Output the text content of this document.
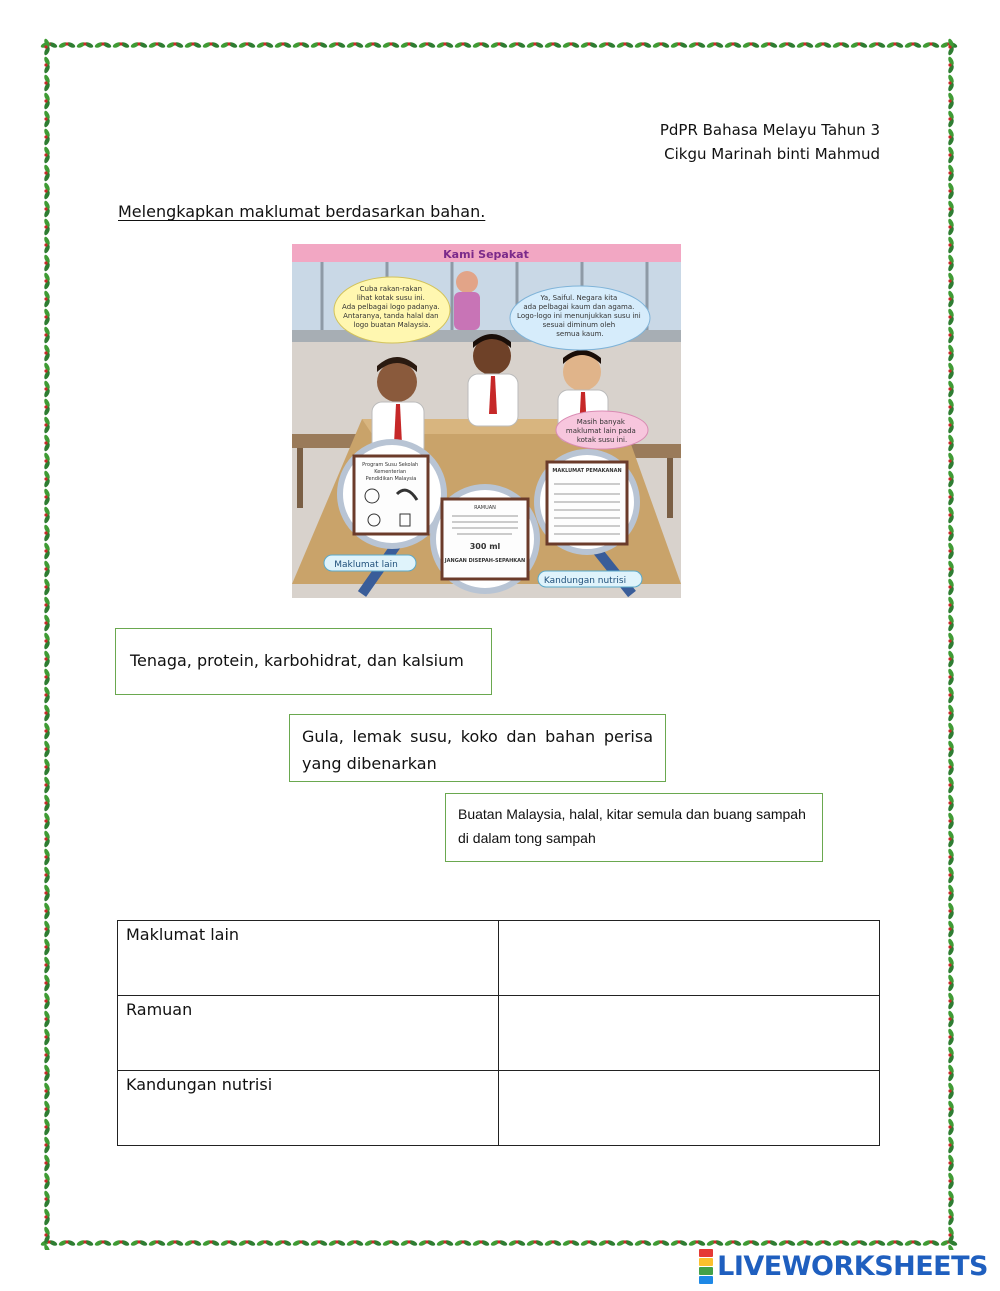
PdPR Bahasa Melayu Tahun 3
Cikgu Marinah binti Mahmud
Melengkapkan maklumat berdasarkan bahan.
Kami Sepakat
Cuba rakan-rakan lihat kotak susu ini. Ada pelbagai logo padanya. Antaranya, tanda halal dan logo buatan Malaysia.
Ya, Saiful. Negara kita ada pelbagai kaum dan agama. Logo-logo ini menunjukkan susu ini sesuai diminum oleh semua kaum.
Masih banyak maklumat lain pada kotak susu ini.
Program Susu Sekolah Kementerian Pendidikan Malaysia
RAMUAN
300 ml
JANGAN DISEPAH-SEPAHKAN
MAKLUMAT PEMAKANAN
Maklumat lain
Kandungan nutrisi
Tenaga, protein, karbohidrat, dan kalsium
Gula, lemak susu, koko dan bahan perisa yang dibenarkan
Buatan Malaysia, halal, kitar semula dan buang sampah di dalam tong sampah
Maklumat lain	
Ramuan	
Kandungan nutrisi	
LIVEWORKSHEETS
